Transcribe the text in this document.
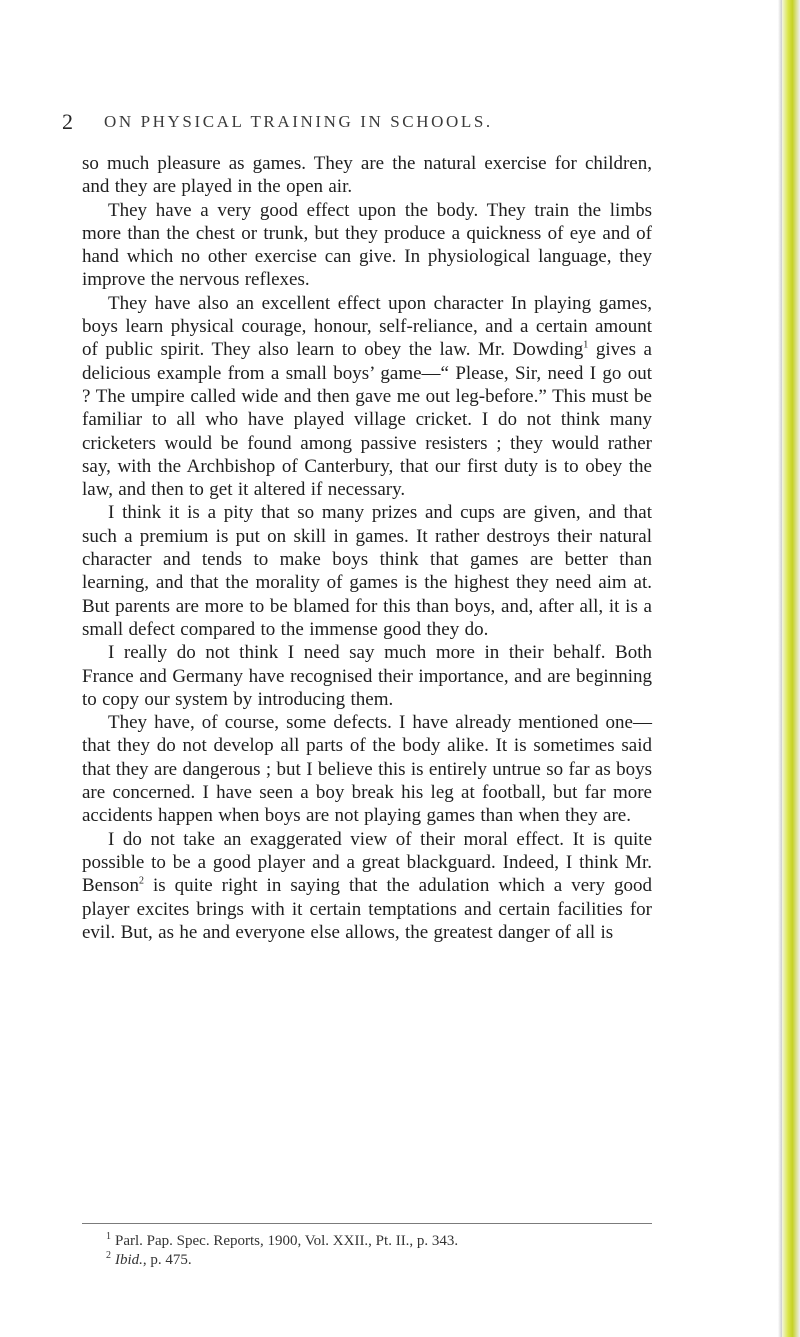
2 ON PHYSICAL TRAINING IN SCHOOLS.

so much pleasure as games. They are the natural exercise for children, and they are played in the open air.

They have a very good effect upon the body. They train the limbs more than the chest or trunk, but they produce a quickness of eye and of hand which no other exercise can give. In physiological language, they improve the nervous reflexes.

They have also an excellent effect upon character In playing games, boys learn physical courage, honour, self-reliance, and a certain amount of public spirit. They also learn to obey the law. Mr. Dowding$^1$ gives a delicious example from a small boys’ game—“ Please, Sir, need I go out ? The umpire called wide and then gave me out leg-before.” This must be familiar to all who have played village cricket. I do not think many cricketers would be found among passive resisters ; they would rather say, with the Archbishop of Canterbury, that our first duty is to obey the law, and then to get it altered if necessary.

I think it is a pity that so many prizes and cups are given, and that such a premium is put on skill in games. It rather destroys their natural character and tends to make boys think that games are better than learning, and that the morality of games is the highest they need aim at. But parents are more to be blamed for this than boys, and, after all, it is a small defect compared to the immense good they do.

I really do not think I need say much more in their behalf. Both France and Germany have recognised their importance, and are beginning to copy our system by introducing them.

They have, of course, some defects. I have already mentioned one—that they do not develop all parts of the body alike. It is sometimes said that they are dangerous ; but I believe this is entirely untrue so far as boys are concerned. I have seen a boy break his leg at football, but far more accidents happen when boys are not playing games than when they are.

I do not take an exaggerated view of their moral effect. It is quite possible to be a good player and a great blackguard. Indeed, I think Mr. Benson$^2$ is quite right in saying that the adulation which a very good player excites brings with it certain temptations and certain facilities for evil. But, as he and everyone else allows, the greatest danger of all is

$^1$ Parl. Pap. Spec. Reports, 1900, Vol. XXII., Pt. II., p. 343.
$^2$ Ibid., p. 475.
